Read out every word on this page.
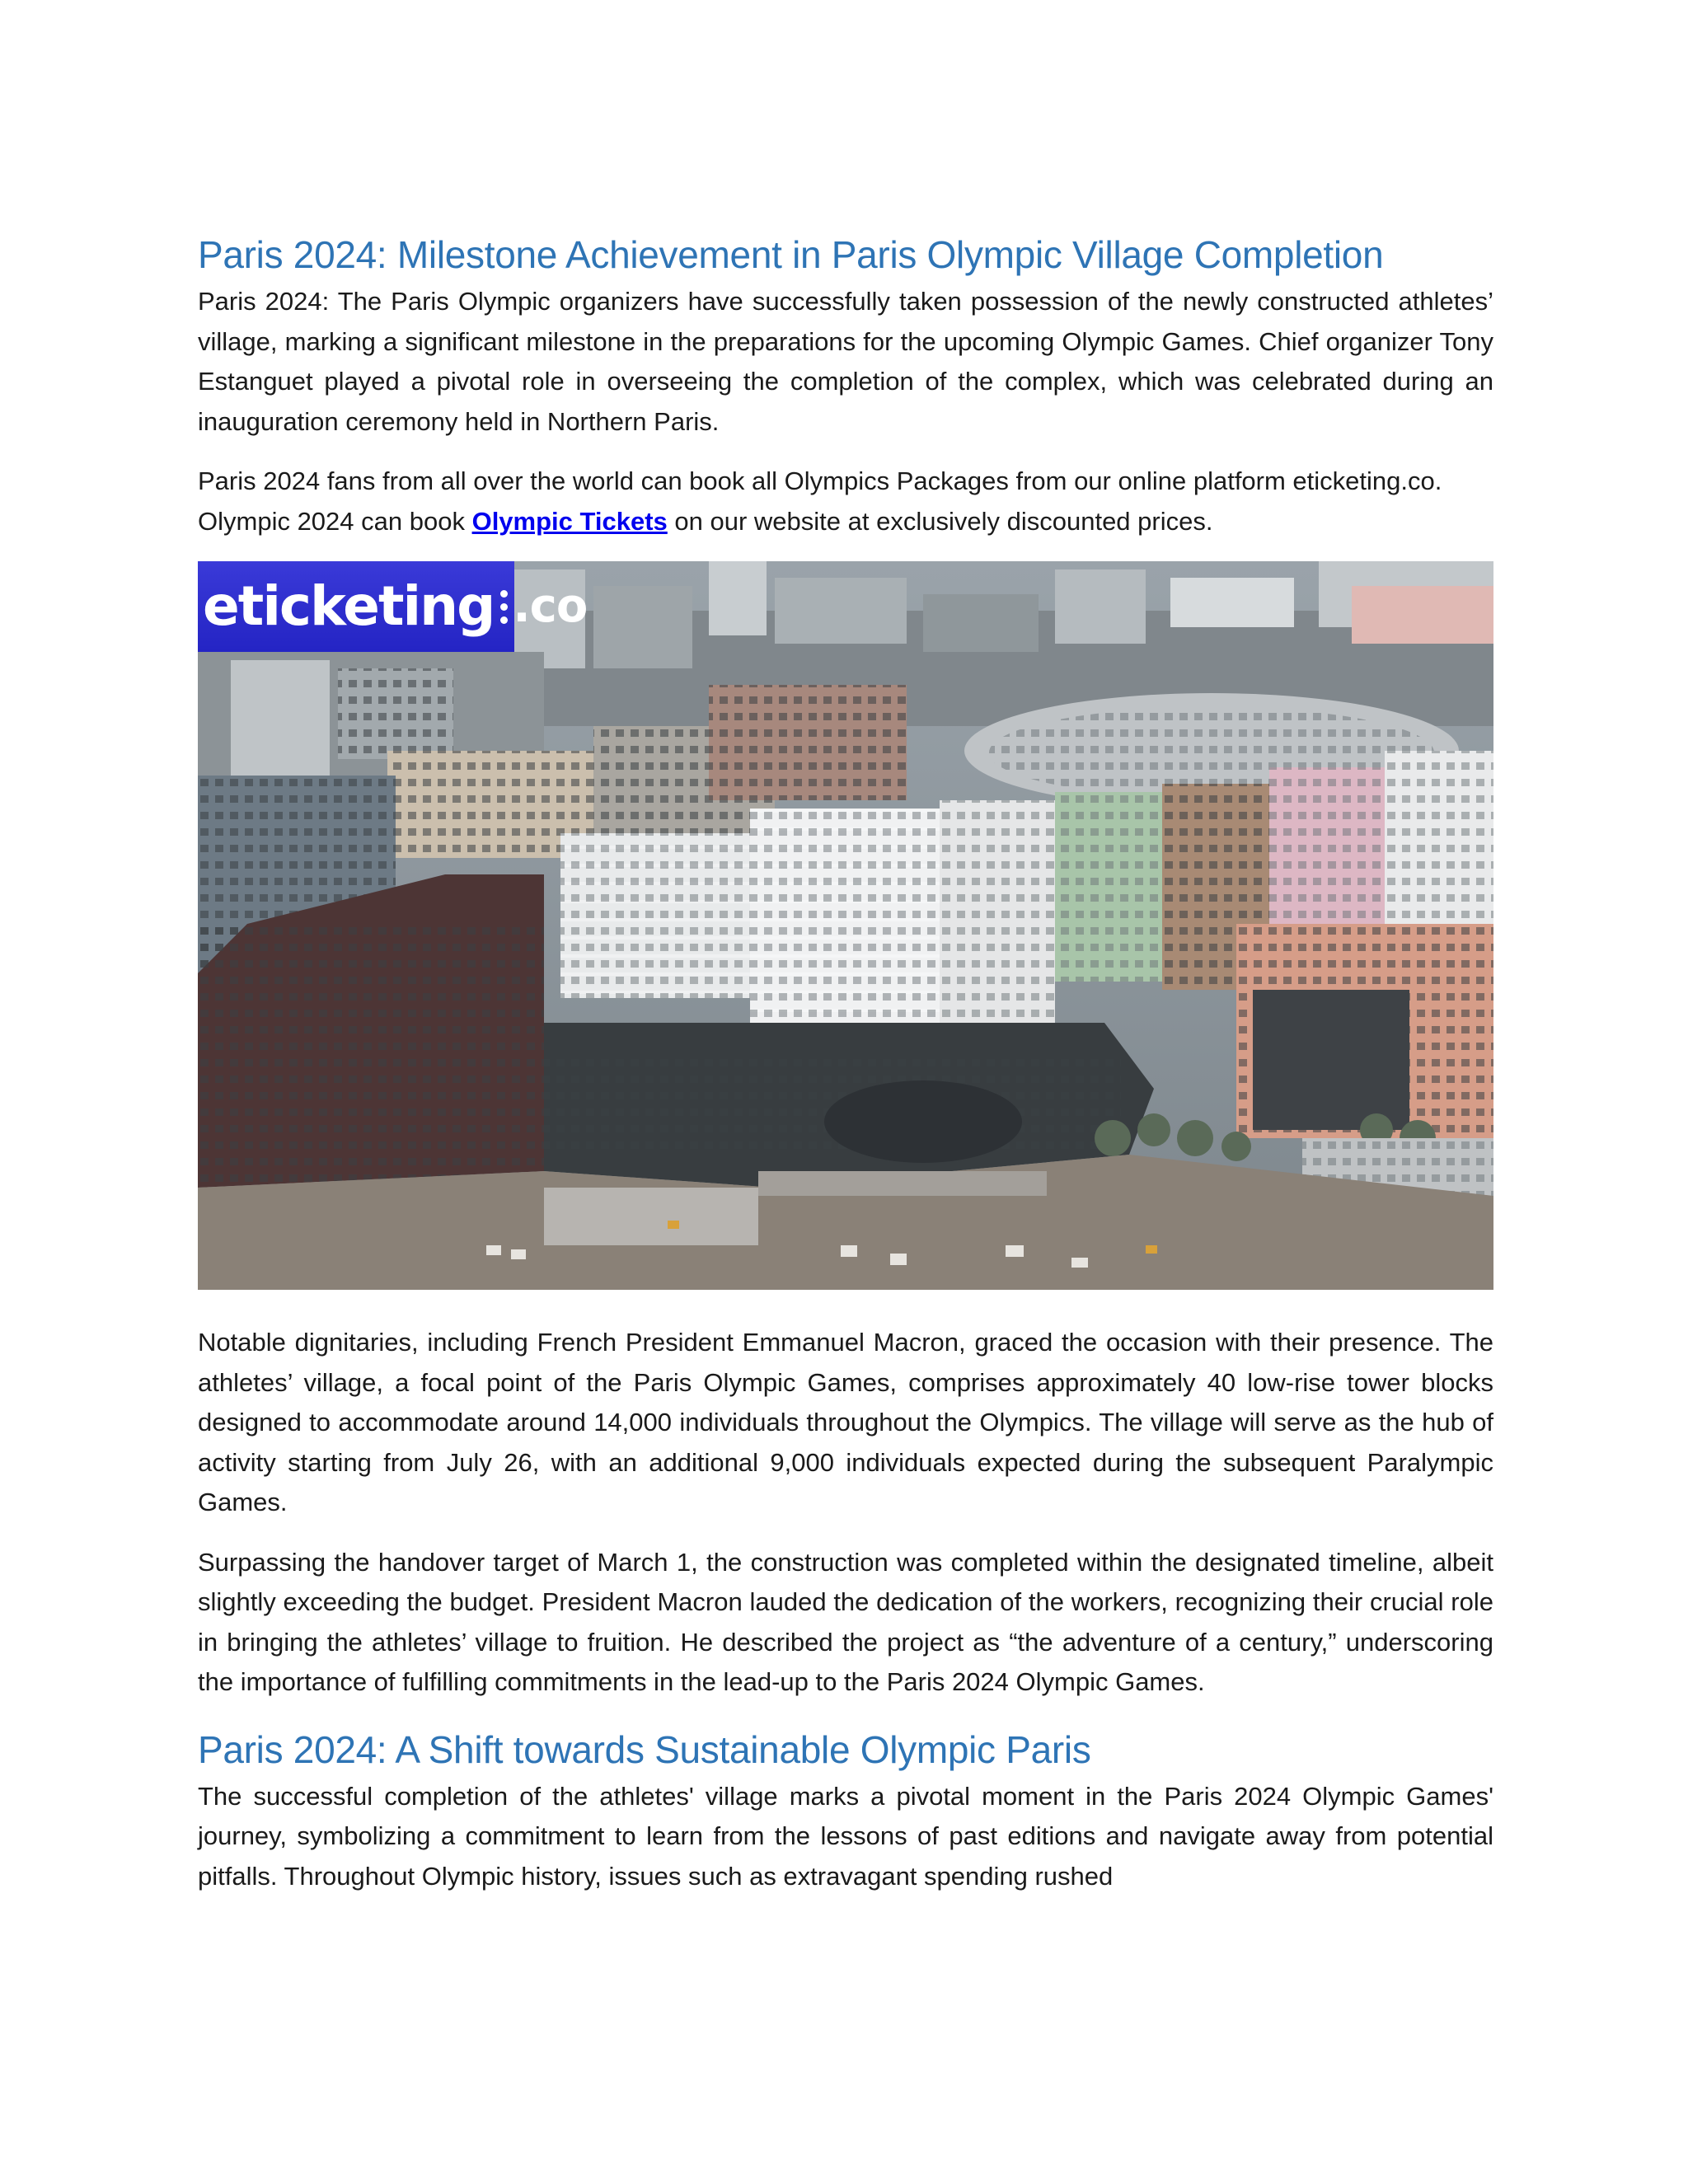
Paris 2024: Milestone Achievement in Paris Olympic Village Completion

Paris 2024: The Paris Olympic organizers have successfully taken possession of the newly constructed athletes’ village, marking a significant milestone in the preparations for the upcoming Olympic Games. Chief organizer Tony Estanguet played a pivotal role in overseeing the completion of the complex, which was celebrated during an inauguration ceremony held in Northern Paris.

Paris 2024 fans from all over the world can book all Olympics Packages from our online platform eticketing.co. Olympic 2024 can book Olympic Tickets on our website at exclusively discounted prices.

eticketing .co

Notable dignitaries, including French President Emmanuel Macron, graced the occasion with their presence. The athletes’ village, a focal point of the Paris Olympic Games, comprises approximately 40 low-rise tower blocks designed to accommodate around 14,000 individuals throughout the Olympics. The village will serve as the hub of activity starting from July 26, with an additional 9,000 individuals expected during the subsequent Paralympic Games.

Surpassing the handover target of March 1, the construction was completed within the designated timeline, albeit slightly exceeding the budget. President Macron lauded the dedication of the workers, recognizing their crucial role in bringing the athletes’ village to fruition. He described the project as “the adventure of a century,” underscoring the importance of fulfilling commitments in the lead-up to the Paris 2024 Olympic Games.

Paris 2024: A Shift towards Sustainable Olympic Paris

The successful completion of the athletes' village marks a pivotal moment in the Paris 2024 Olympic Games' journey, symbolizing a commitment to learn from the lessons of past editions and navigate away from potential pitfalls. Throughout Olympic history, issues such as extravagant spending rushed
